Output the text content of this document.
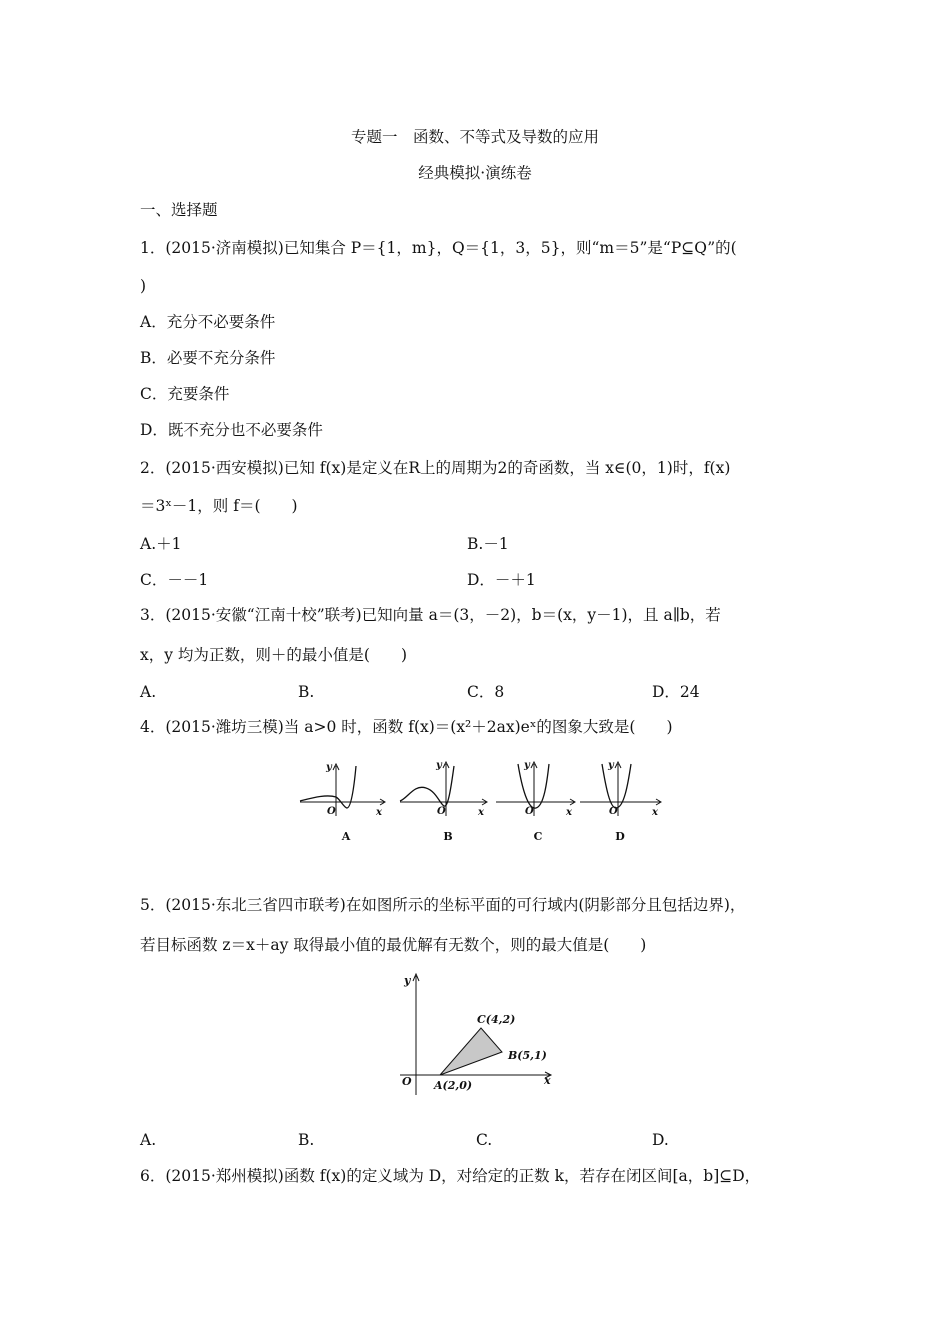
专题一　函数、不等式及导数的应用
经典模拟·演练卷
一、选择题
1．(2015·济南模拟)已知集合 P＝{1，m}，Q＝{1，3，5}，则“m＝5”是“P⊆Q”的(
)
A．充分不必要条件
B．必要不充分条件
C．充要条件
D．既不充分也不必要条件
2．(2015·西安模拟)已知 f(x)是定义在R上的周期为2的奇函数，当 x∈(0，1)时，f(x)
＝3ˣ－1，则 f＝(　　)
A.＋1	B.－1
C．－－1	D．－＋1
3．(2015·安徽“江南十校”联考)已知向量 a＝(3，－2)，b＝(x，y－1)，且 a∥b，若
x，y 均为正数，则＋的最小值是(　　)
A.	B.	C．8	D．24
4．(2015·潍坊三模)当 a>0 时，函数 f(x)＝(x²＋2ax)eˣ的图象大致是(　　)
y
x
O
y
x
O
y
x
O
y
x
O
A	B	C	D
5．(2015·东北三省四市联考)在如图所示的坐标平面的可行域内(阴影部分且包括边界)，
若目标函数 z＝x＋ay 取得最小值的最优解有无数个，则的最大值是(　　)
y
x
O A(2,0)
B(5,1)
C(4,2)
A.	B.	C.	D.
6．(2015·郑州模拟)函数 f(x)的定义域为 D，对给定的正数 k，若存在闭区间[a，b]⊆D，
